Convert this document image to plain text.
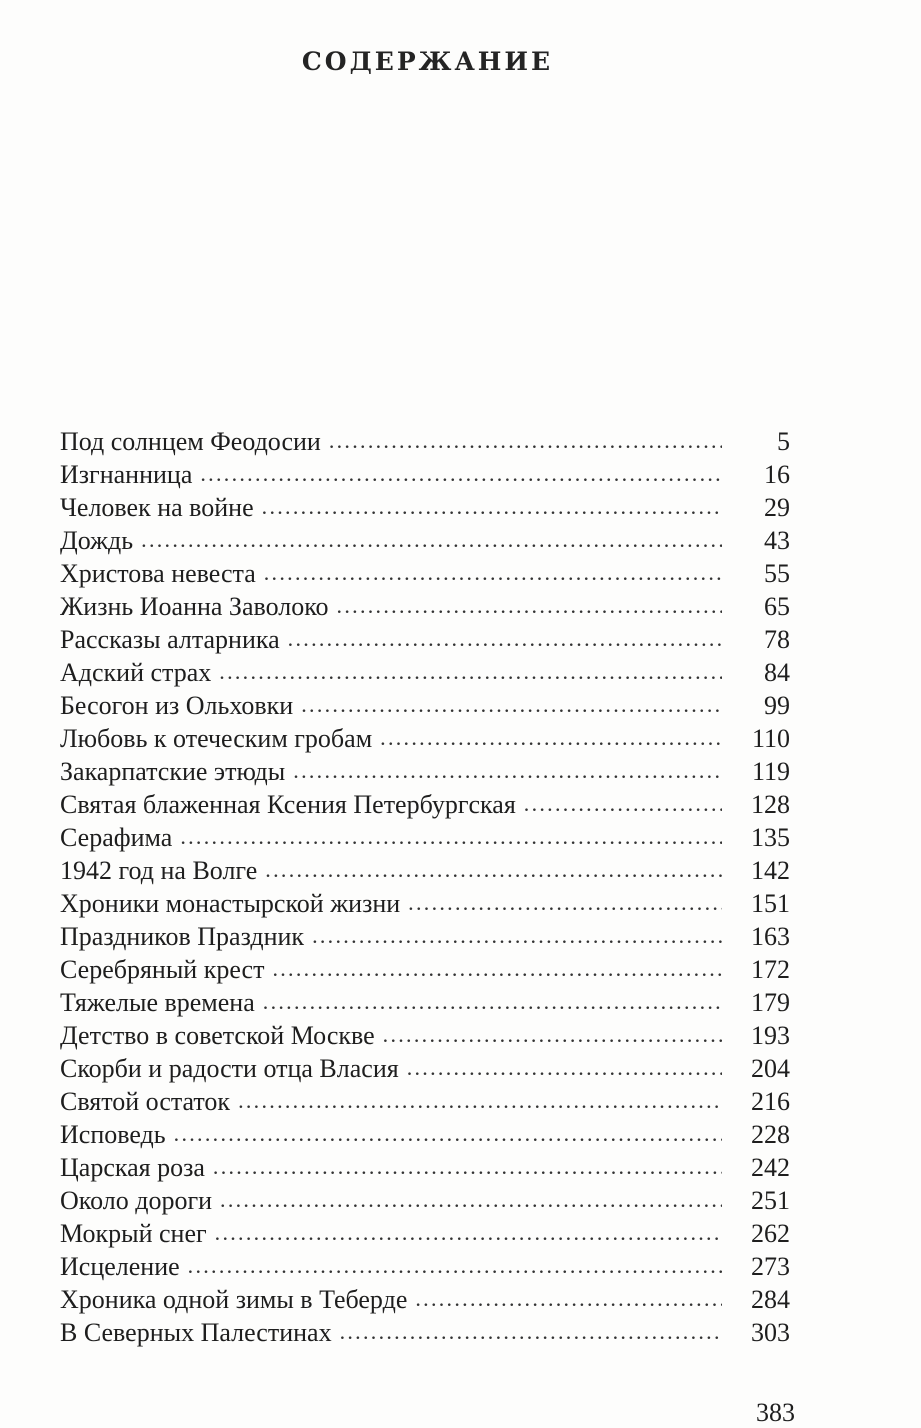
СОДЕРЖАНИЕ
Под солнцем Феодосии . . .	5
Изгнанница . . .	16
Человек на войне . . .	29
Дождь . . .	43
Христова невеста . . .	55
Жизнь Иоанна Заволоко . . .	65
Рассказы алтарника . . .	78
Адский страх . . .	84
Бесогон из Ольховки . . .	99
Любовь к отеческим гробам . . .	110
Закарпатские этюды . . .	119
Святая блаженная Ксения Петербургская . . .	128
Серафима . . .	135
1942 год на Волге . . .	142
Хроники монастырской жизни . . .	151
Праздников Праздник . . .	163
Серебряный крест . . .	172
Тяжелые времена . . .	179
Детство в советской Москве . . .	193
Скорби и радости отца Власия . . .	204
Святой остаток . . .	216
Исповедь . . .	228
Царская роза . . .	242
Около дороги . . .	251
Мокрый снег . . .	262
Исцеление . . .	273
Хроника одной зимы в Теберде . . .	284
В Северных Палестинах . . .	303
383
